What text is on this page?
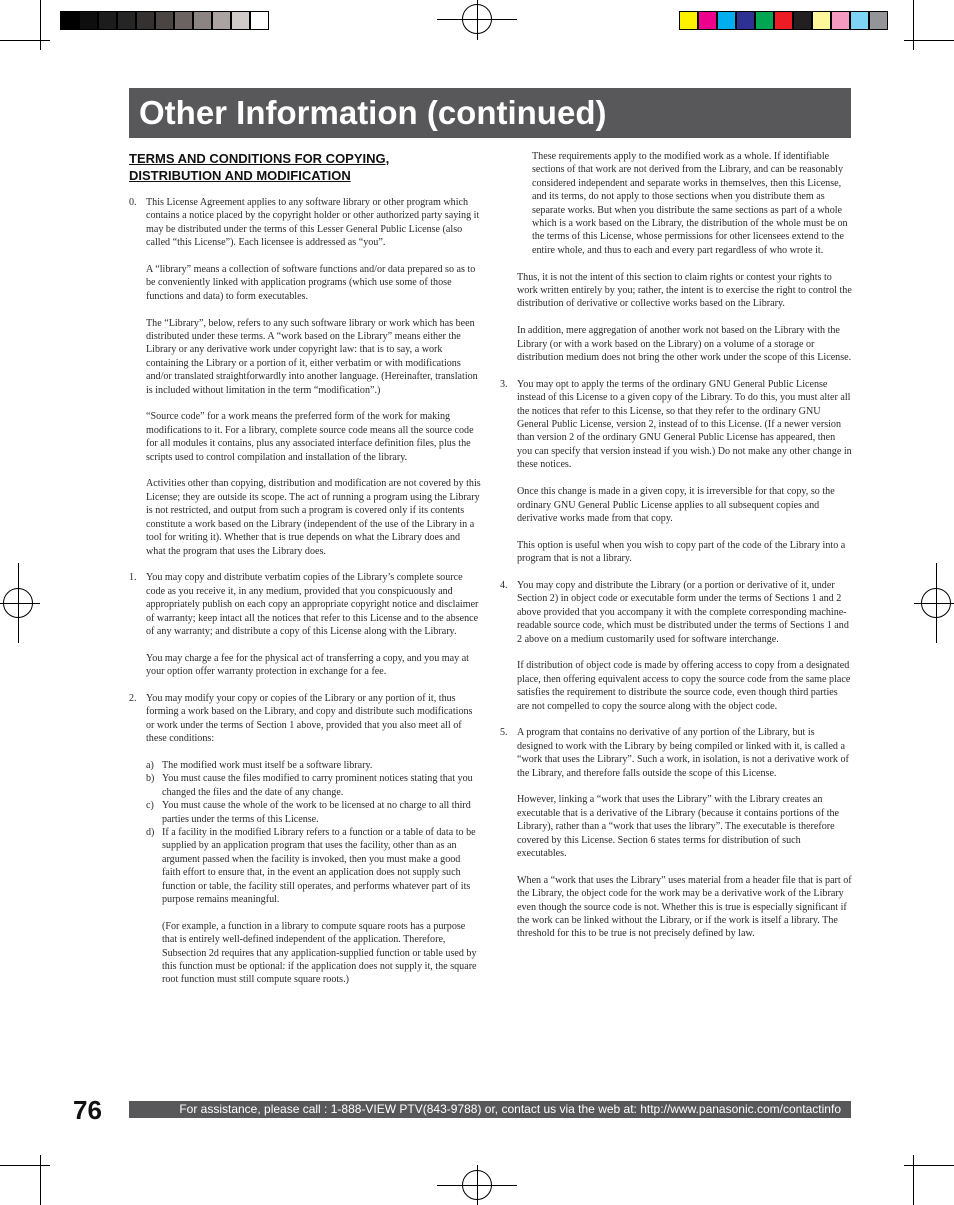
Other Information (continued)
TERMS AND CONDITIONS FOR COPYING, DISTRIBUTION AND MODIFICATION
0. This License Agreement applies to any software library or other program which contains a notice placed by the copyright holder or other authorized party saying it may be distributed under the terms of this Lesser General Public License (also called “this License”). Each licensee is addressed as “you”.
A “library” means a collection of software functions and/or data prepared so as to be conveniently linked with application programs (which use some of those functions and data) to form executables.
The “Library”, below, refers to any such software library or work which has been distributed under these terms. A “work based on the Library” means either the Library or any derivative work under copyright law: that is to say, a work containing the Library or a portion of it, either verbatim or with modifications and/or translated straightforwardly into another language. (Hereinafter, translation is included without limitation in the term “modification”.)
“Source code” for a work means the preferred form of the work for making modifications to it. For a library, complete source code means all the source code for all modules it contains, plus any associated interface definition files, plus the scripts used to control compilation and installation of the library.
Activities other than copying, distribution and modification are not covered by this License; they are outside its scope. The act of running a program using the Library is not restricted, and output from such a program is covered only if its contents constitute a work based on the Library (independent of the use of the Library in a tool for writing it). Whether that is true depends on what the Library does and what the program that uses the Library does.
1. You may copy and distribute verbatim copies of the Library’s complete source code as you receive it, in any medium, provided that you conspicuously and appropriately publish on each copy an appropriate copyright notice and disclaimer of warranty; keep intact all the notices that refer to this License and to the absence of any warranty; and distribute a copy of this License along with the Library.
You may charge a fee for the physical act of transferring a copy, and you may at your option offer warranty protection in exchange for a fee.
2. You may modify your copy or copies of the Library or any portion of it, thus forming a work based on the Library, and copy and distribute such modifications or work under the terms of Section 1 above, provided that you also meet all of these conditions:
a) The modified work must itself be a software library.
b) You must cause the files modified to carry prominent notices stating that you changed the files and the date of any change.
c) You must cause the whole of the work to be licensed at no charge to all third parties under the terms of this License.
d) If a facility in the modified Library refers to a function or a table of data to be supplied by an application program that uses the facility, other than as an argument passed when the facility is invoked, then you must make a good faith effort to ensure that, in the event an application does not supply such function or table, the facility still operates, and performs whatever part of its purpose remains meaningful.
(For example, a function in a library to compute square roots has a purpose that is entirely well-defined independent of the application. Therefore, Subsection 2d requires that any application-supplied function or table used by this function must be optional: if the application does not supply it, the square root function must still compute square roots.)
These requirements apply to the modified work as a whole. If identifiable sections of that work are not derived from the Library, and can be reasonably considered independent and separate works in themselves, then this License, and its terms, do not apply to those sections when you distribute them as separate works. But when you distribute the same sections as part of a whole which is a work based on the Library, the distribution of the whole must be on the terms of this License, whose permissions for other licensees extend to the entire whole, and thus to each and every part regardless of who wrote it.
Thus, it is not the intent of this section to claim rights or contest your rights to work written entirely by you; rather, the intent is to exercise the right to control the distribution of derivative or collective works based on the Library.
In addition, mere aggregation of another work not based on the Library with the Library (or with a work based on the Library) on a volume of a storage or distribution medium does not bring the other work under the scope of this License.
3. You may opt to apply the terms of the ordinary GNU General Public License instead of this License to a given copy of the Library. To do this, you must alter all the notices that refer to this License, so that they refer to the ordinary GNU General Public License, version 2, instead of to this License. (If a newer version than version 2 of the ordinary GNU General Public License has appeared, then you can specify that version instead if you wish.) Do not make any other change in these notices.
Once this change is made in a given copy, it is irreversible for that copy, so the ordinary GNU General Public License applies to all subsequent copies and derivative works made from that copy.
This option is useful when you wish to copy part of the code of the Library into a program that is not a library.
4. You may copy and distribute the Library (or a portion or derivative of it, under Section 2) in object code or executable form under the terms of Sections 1 and 2 above provided that you accompany it with the complete corresponding machine-readable source code, which must be distributed under the terms of Sections 1 and 2 above on a medium customarily used for software interchange.
If distribution of object code is made by offering access to copy from a designated place, then offering equivalent access to copy the source code from the same place satisfies the requirement to distribute the source code, even though third parties are not compelled to copy the source along with the object code.
5. A program that contains no derivative of any portion of the Library, but is designed to work with the Library by being compiled or linked with it, is called a “work that uses the Library”. Such a work, in isolation, is not a derivative work of the Library, and therefore falls outside the scope of this License.
However, linking a “work that uses the Library” with the Library creates an executable that is a derivative of the Library (because it contains portions of the Library), rather than a “work that uses the library”. The executable is therefore covered by this License. Section 6 states terms for distribution of such executables.
When a “work that uses the Library” uses material from a header file that is part of the Library, the object code for the work may be a derivative work of the Library even though the source code is not. Whether this is true is especially significant if the work can be linked without the Library, or if the work is itself a library. The threshold for this to be true is not precisely defined by law.
76	For assistance, please call : 1-888-VIEW PTV(843-9788) or, contact us via the web at: http://www.panasonic.com/contactinfo
